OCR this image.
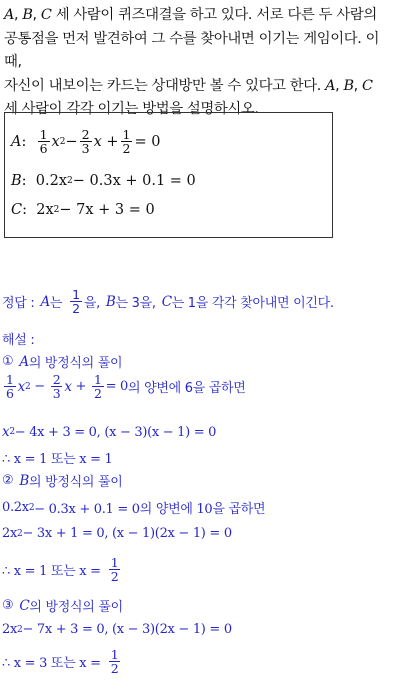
A, B, C 세 사람이 퀴즈대결을 하고 있다. 서로 다른 두 사람의

공통점을 먼저 발견하여 그 수를 찾아내면 이기는 게임이다. 이때,

자신이 내보이는 카드는 상대방만 볼 수 있다고 한다. A, B, C

세 사람이 각각 이기는 방법을 설명하시오.

A : $\frac{1}{6}$ x $2 - \frac{2}{3}$ $x + \frac{1}{2} = 0$
B : 0.2x 2 − 0.3x + 0.1 = 0
C : 2x 2 − 7x + 3 = 0
정답 : A 는 $\frac{1}{2}$ 을, B 는 3을, C 는 1을 각각 찾아내면 이긴다.
해설 :
① A 의 방정식의 풀이
$\frac{1}{6}$ x $2 - \frac{2}{3}$ $x + \frac{1}{2} = 0$ 의 양변에 6을 곱하면
x 2 − 4x + 3 = 0, (x − 3)(x − 1) = 0
∴ x = 1 또는 x = 1
② B 의 방정식의 풀이
0.2x 2 − 0.3x + 0.1 = 0의 양변에 10을 곱하면
2x 2 − 3x + 1 = 0, (x − 1)(2x − 1) = 0
∴ x = 1 또는 $x = \frac{1}{2}$
③ C 의 방정식의 풀이
2x 2 − 7x + 3 = 0, (x − 3)(2x − 1) = 0
∴ x = 3 또는 $x = \frac{1}{2}$
